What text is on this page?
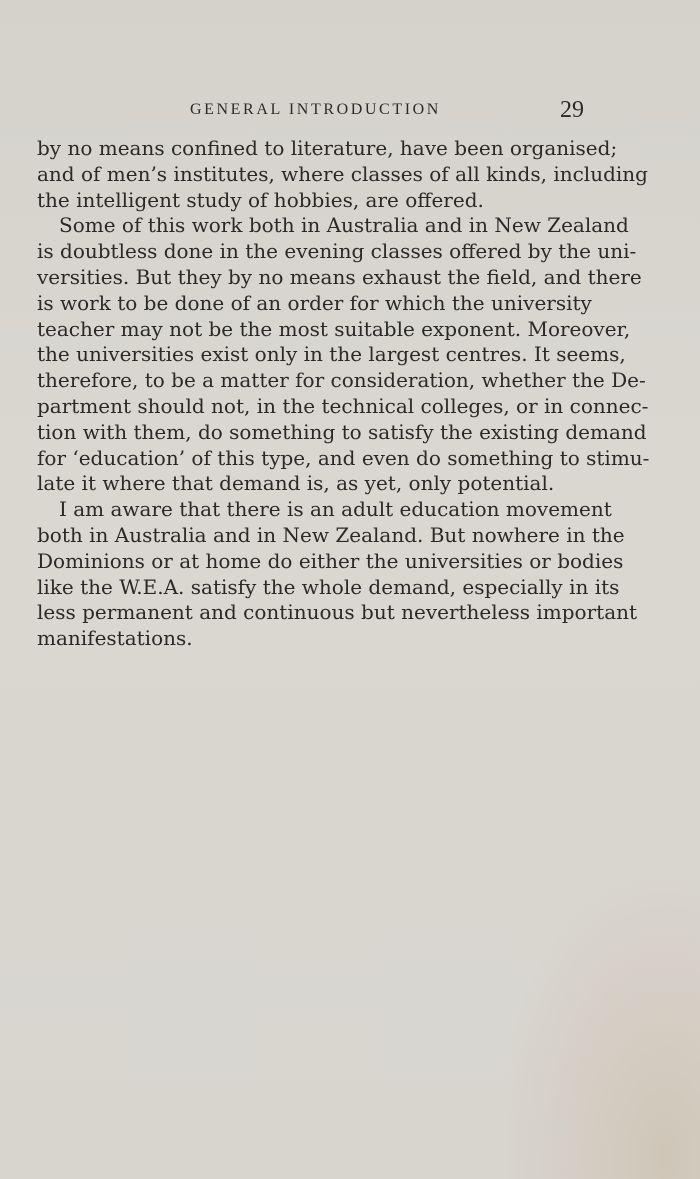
GENERAL INTRODUCTION	29
by no means confined to literature, have been organised;
and of men’s institutes, where classes of all kinds, including
the intelligent study of hobbies, are offered.
Some of this work both in Australia and in New Zealand
is doubtless done in the evening classes offered by the uni-
versities. But they by no means exhaust the field, and there
is work to be done of an order for which the university
teacher may not be the most suitable exponent. Moreover,
the universities exist only in the largest centres. It seems,
therefore, to be a matter for consideration, whether the De-
partment should not, in the technical colleges, or in connec-
tion with them, do something to satisfy the existing demand
for ‘education’ of this type, and even do something to stimu-
late it where that demand is, as yet, only potential.
I am aware that there is an adult education movement
both in Australia and in New Zealand. But nowhere in the
Dominions or at home do either the universities or bodies
like the W.E.A. satisfy the whole demand, especially in its
less permanent and continuous but nevertheless important
manifestations.
